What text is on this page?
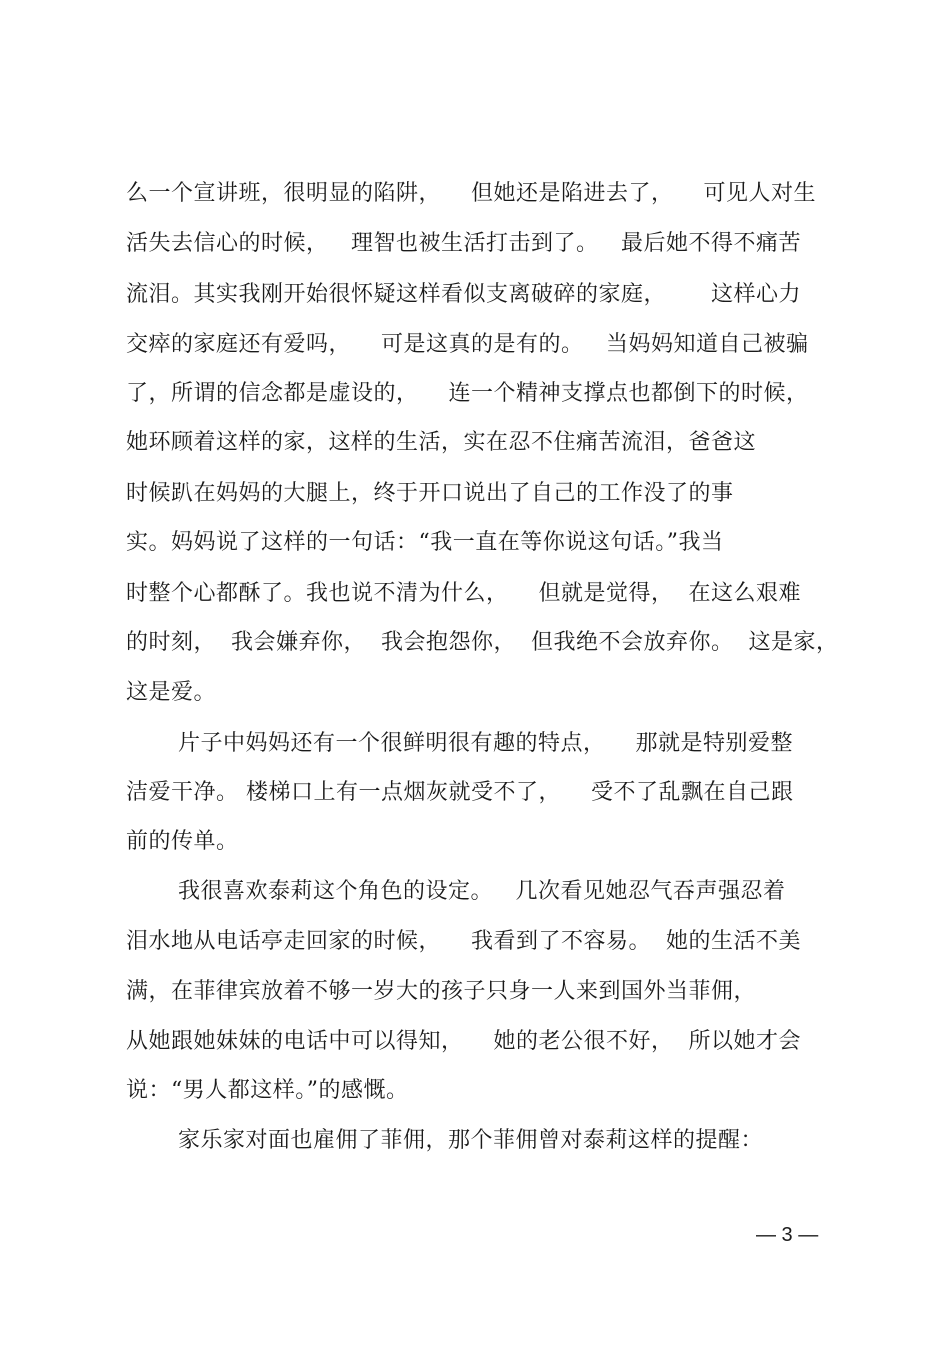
么一个宣讲班，很明显的陷阱，    但她还是陷进去了，    可见人对生
活失去信心的时候，   理智也被生活打击到了。   最后她不得不痛苦
流泪。其实我刚开始很怀疑这样看似支离破碎的家庭，      这样心力
交瘁的家庭还有爱吗，    可是这真的是有的。   当妈妈知道自己被骗
了，所谓的信念都是虚设的，    连一个精神支撑点也都倒下的时候，
她环顾着这样的家，这样的生活，实在忍不住痛苦流泪，爸爸这
时候趴在妈妈的大腿上，终于开口说出了自己的工作没了的事
实。妈妈说了这样的一句话：“我一直在等你说这句话。”我当
时整个心都酥了。我也说不清为什么，    但就是觉得，  在这么艰难
的时刻，  我会嫌弃你，  我会抱怨你，  但我绝不会放弃你。  这是家，
这是爱。
片子中妈妈还有一个很鲜明很有趣的特点，    那就是特别爱整
洁爱干净。 楼梯口上有一点烟灰就受不了，    受不了乱飘在自己跟
前的传单。
我很喜欢泰莉这个角色的设定。   几次看见她忍气吞声强忍着
泪水地从电话亭走回家的时候，    我看到了不容易。  她的生活不美
满，在菲律宾放着不够一岁大的孩子只身一人来到国外当菲佣，
从她跟她妹妹的电话中可以得知，    她的老公很不好，  所以她才会
说：“男人都这样。”的感慨。
家乐家对面也雇佣了菲佣，那个菲佣曾对泰莉这样的提醒：
— 3 —
